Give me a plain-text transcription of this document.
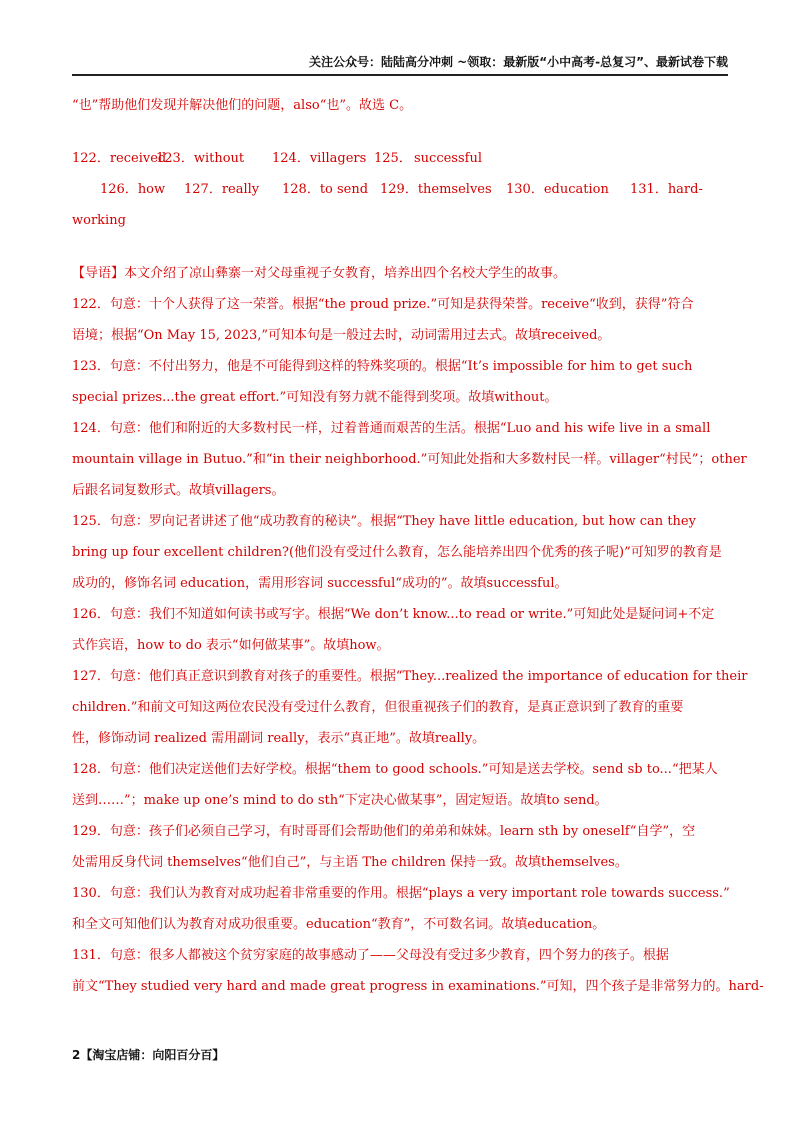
关注公众号：陆陆高分冲刺 ~领取：最新版“小中高考-总复习”、最新试卷下载
“也”帮助他们发现并解决他们的问题，also“也”。故选 C。
122．received123．without 124．villagers 125． successful
126．how 127．really 128．to send 129．themselves 130．education 131．hard-
working
【导语】本文介绍了凉山彝寨一对父母重视子女教育，培养出四个名校大学生的故事。
122．句意：十个人获得了这一荣誉。根据“the proud prize.”可知是获得荣誉。receive“收到，获得”符合
语境；根据“On May 15, 2023,”可知本句是一般过去时，动词需用过去式。故填received。
123．句意：不付出努力，他是不可能得到这样的特殊奖项的。根据“It’s impossible for him to get such
special prizes...the great effort.”可知没有努力就不能得到奖项。故填without。
124．句意：他们和附近的大多数村民一样，过着普通而艰苦的生活。根据“Luo and his wife live in a small
mountain village in Butuo.”和“in their neighborhood.”可知此处指和大多数村民一样。villager“村民”；other
后跟名词复数形式。故填villagers。
125．句意：罗向记者讲述了他“成功教育的秘诀”。根据“They have little education, but how can they
bring up four excellent children?(他们没有受过什么教育，怎么能培养出四个优秀的孩子呢)”可知罗的教育是
成功的，修饰名词 education，需用形容词 successful“成功的”。故填successful。
126．句意：我们不知道如何读书或写字。根据“We don’t know...to read or write.”可知此处是疑问词+不定
式作宾语，how to do 表示“如何做某事”。故填how。
127．句意：他们真正意识到教育对孩子的重要性。根据“They...realized the importance of education for their
children.”和前文可知这两位农民没有受过什么教育，但很重视孩子们的教育，是真正意识到了教育的重要
性，修饰动词 realized 需用副词 really，表示“真正地”。故填really。
128．句意：他们决定送他们去好学校。根据“them to good schools.”可知是送去学校。send sb to...“把某人
送到……”；make up one’s mind to do sth“下定决心做某事”，固定短语。故填to send。
129．句意：孩子们必须自己学习，有时哥哥们会帮助他们的弟弟和妹妹。learn sth by oneself“自学”，空
处需用反身代词 themselves“他们自己”，与主语 The children 保持一致。故填themselves。
130．句意：我们认为教育对成功起着非常重要的作用。根据“plays a very important role towards success.”
和全文可知他们认为教育对成功很重要。education“教育”，不可数名词。故填education。
131．句意：很多人都被这个贫穷家庭的故事感动了——父母没有受过多少教育，四个努力的孩子。根据
前文“They studied very hard and made great progress in examinations.”可知，四个孩子是非常努力的。hard-
2【淘宝店铺：向阳百分百】
